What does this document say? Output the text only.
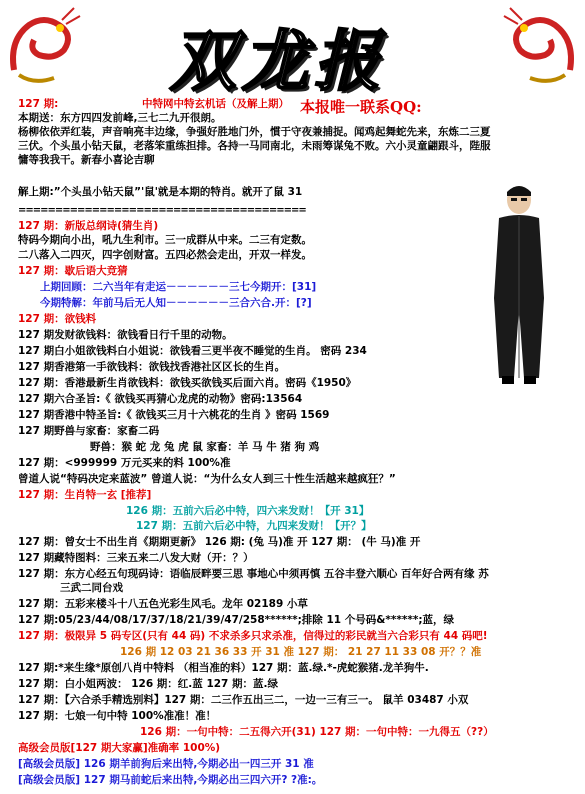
双龙报
本报唯一联系QQ:
127 期:	中特网中特玄机话（及解上期）
本期送：东方四四发前峰,三七二九开很朗。
杨柳依依弄红装，声音响亮丰边缘，争强好胜地门外，慣于守夜兼捕捉。闻鸡起舞蛇先来，东炼二三夏
三伏。个头虽小钻天鼠，老落笨重练担排。各持一马同南北，未雨筹谋兔不败。六小灵童翩跟斗，陛服
慵等我我干。新春小喜论吉聊
解上期:”个头虽小钻天鼠”'鼠'就是本期的特肖。就开了鼠 31
=======================================
127 期：新版总纲诗(猜生肖)
特码今期向小出，吼九生利市。三一成群从中来。二三有定数。
二八落入二四灭，四字创财富。五四必然会走出，开双一样发。
127 期：歇后语大竞猜
上期回顾：二六当年有走运－－－－－－三七今期开：[31]
今期特解：年前马后无人知－－－－－－三合六合.开：[?]
127 期：欲钱料
127 期发财欲钱料：欲钱看日行千里的动物。
127 期白小姐欲钱料白小姐说：欲钱看三更半夜不睡觉的生肖。 密码 234
127 期香港第一手欲钱料：欲钱找香港社区区长的生肖。
127 期：香港最新生肖欲钱料：欲钱买欲钱买后面六肖。密码《1950》
127 期六合圣旨:《 欲钱买再猜心龙虎的动物》密码:13564
127 期香港中特圣旨:《 欲钱买三月十六桃花的生肖 》密码 1569
127 期野兽与家畜：家畜二码
野兽：猴 蛇 龙 兔 虎 鼠 家畜：羊 马 牛 猪 狗 鸡
127 期：<999999 万元买来的料 100%准
曾道人说“特码决定来蓝波” 曾道人说：“为什么女人到三十性生活越来越疯狂？”
127 期：生肖特一玄 [推荐]
126 期：五前六后必中特，四六来发财！【开 31】
127 期：五前六后必中特，九四来发财！【开？】
127 期：曾女士不出生肖《期期更新》 126 期: (兔 马)准 开 127 期： (牛 马)准 开
127 期藏特图料：三来五来二八发大财（开：？）
127 期：东方心经五句现码诗：语临辰畔要三思 事地心中须再慎 五谷丰登六顺心 百年好合两有缘 苏
三武二同台戏
127 期：五彩来楼斗十八五色光彩生风毛。龙年 02189 小草
127 期:05/23/44/08/17/37/18/21/39/47/258******;排除 11 个号码&******;蓝，绿
127 期：极限异 5 码专区(只有 44 码) 不求杀多只求杀准，信得过的彩民就当六合彩只有 44 码吧!
126 期 12 03 21 36 33 开 31 准 127 期： 21 27 11 33 08 开？？准
127 期:*来生缘*原创八肖中特料 （相当准的料）127 期：蓝.绿.*-虎蛇猴猪.龙羊狗牛.
127 期：白小姐两波： 126 期：红.蓝 127 期：蓝.绿
127 期：【六合杀手精选别料】127 期：二三作五出三二，一边一三有三一。 鼠羊 03487 小双
127 期：七娘一句中特 100%准准！准！
126 期：一句中特：二五得六开(31) 127 期：一句中特：一九得五（??）
高级会员版[127 期大家赢]准确率 100%)
[高级会员版] 126 期羊前狗后来出特,今期必出一四三开 31 准
[高级会员版] 127 期马前蛇后来出特,今期必出三四六开? ?准:。
